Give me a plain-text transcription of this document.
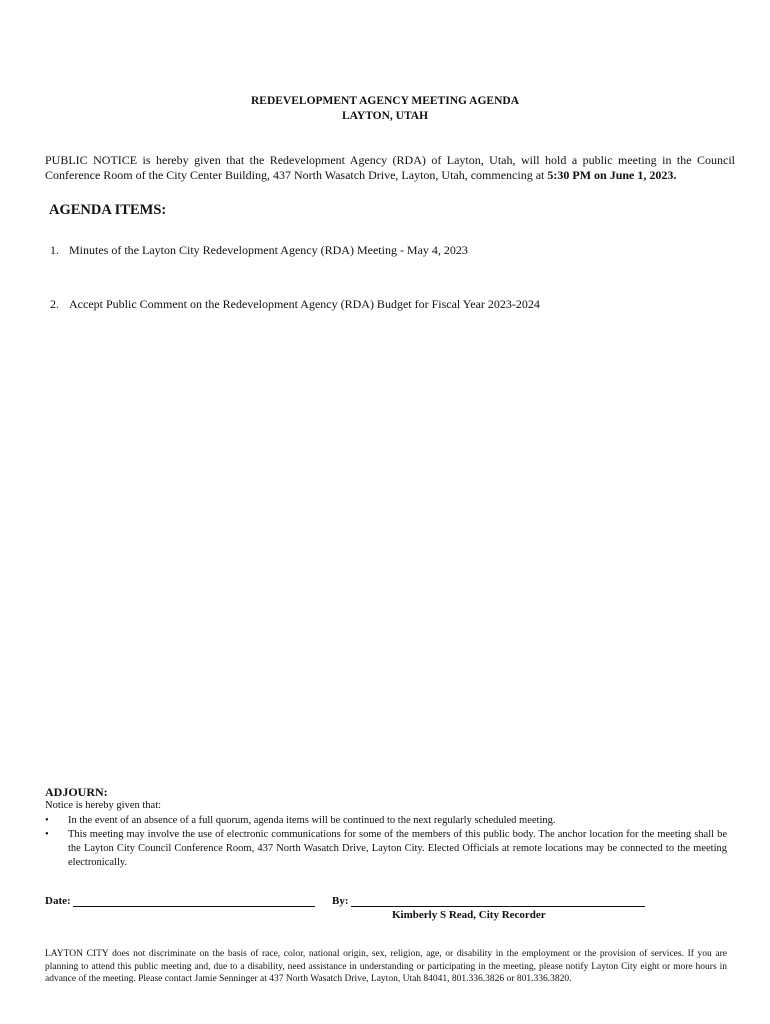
REDEVELOPMENT AGENCY MEETING AGENDA
LAYTON, UTAH
PUBLIC NOTICE is hereby given that the Redevelopment Agency (RDA) of Layton, Utah, will hold a public meeting in the Council Conference Room of the City Center Building, 437 North Wasatch Drive, Layton, Utah, commencing at 5:30 PM on June 1, 2023.
AGENDA ITEMS:
1. Minutes of the Layton City Redevelopment Agency (RDA) Meeting - May 4, 2023
2. Accept Public Comment on the Redevelopment Agency (RDA) Budget for Fiscal Year 2023-2024
ADJOURN:
Notice is hereby given that:
• In the event of an absence of a full quorum, agenda items will be continued to the next regularly scheduled meeting.
• This meeting may involve the use of electronic communications for some of the members of this public body. The anchor location for the meeting shall be the Layton City Council Conference Room, 437 North Wasatch Drive, Layton City. Elected Officials at remote locations may be connected to the meeting electronically.
Date:	By:
Kimberly S Read, City Recorder
LAYTON CITY does not discriminate on the basis of race, color, national origin, sex, religion, age, or disability in the employment or the provision of services. If you are planning to attend this public meeting and, due to a disability, need assistance in understanding or participating in the meeting, please notify Layton City eight or more hours in advance of the meeting. Please contact Jamie Senninger at 437 North Wasatch Drive, Layton, Utah 84041, 801.336.3826 or 801.336.3820.
